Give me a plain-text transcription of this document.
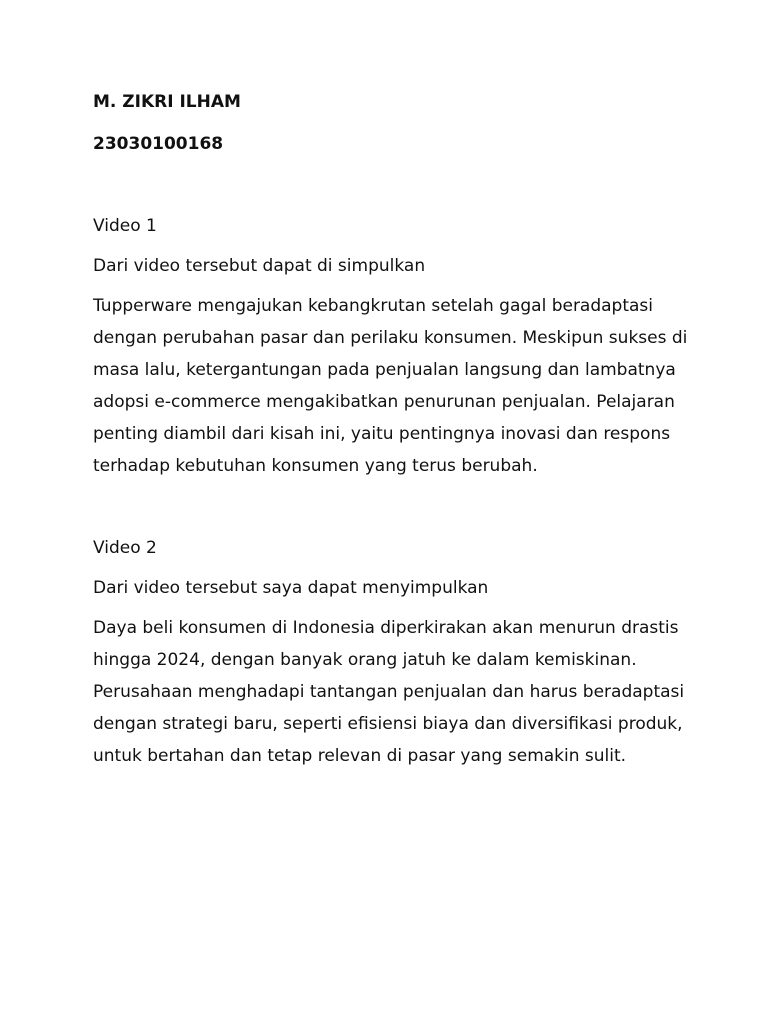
M. ZIKRI ILHAM

23030100168

Video 1

Dari video tersebut dapat di simpulkan

Tupperware mengajukan kebangkrutan setelah gagal beradaptasi dengan perubahan pasar dan perilaku konsumen. Meskipun sukses di masa lalu, ketergantungan pada penjualan langsung dan lambatnya adopsi e-commerce mengakibatkan penurunan penjualan. Pelajaran penting diambil dari kisah ini, yaitu pentingnya inovasi dan respons terhadap kebutuhan konsumen yang terus berubah.

Video 2

Dari video tersebut saya dapat menyimpulkan

Daya beli konsumen di Indonesia diperkirakan akan menurun drastis hingga 2024, dengan banyak orang jatuh ke dalam kemiskinan. Perusahaan menghadapi tantangan penjualan dan harus beradaptasi dengan strategi baru, seperti efisiensi biaya dan diversifikasi produk, untuk bertahan dan tetap relevan di pasar yang semakin sulit.
